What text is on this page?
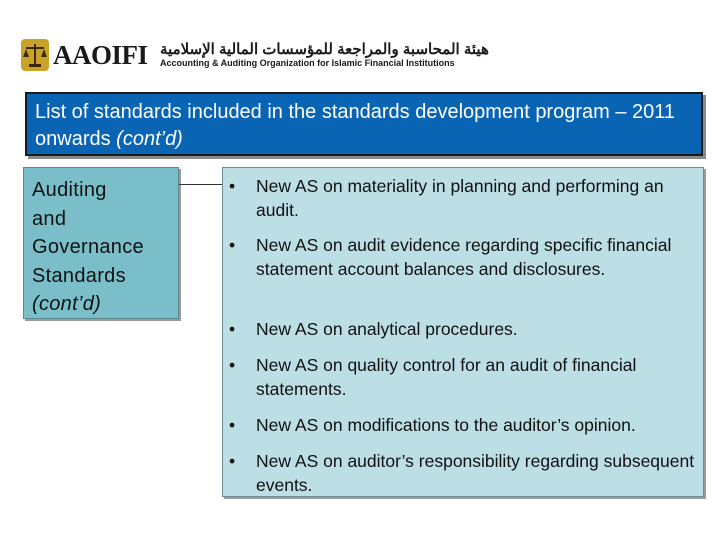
AAOIFI هيئة المحاسبة والمراجعة للمؤسسات المالية الإسلامية
Accounting & Auditing Organization for Islamic Financial Institutions
List of standards included in the standards development program – 2011 onwards (cont’d)
Auditing
and
Governance
Standards
(cont’d)
• New AS on materiality in planning and performing an audit.
• New AS on audit evidence regarding specific financial statement account balances and disclosures.
• New AS on analytical procedures.
• New AS on quality control for an audit of financial statements.
• New AS on modifications to the auditor’s opinion.
• New AS on auditor’s responsibility regarding subsequent events.
